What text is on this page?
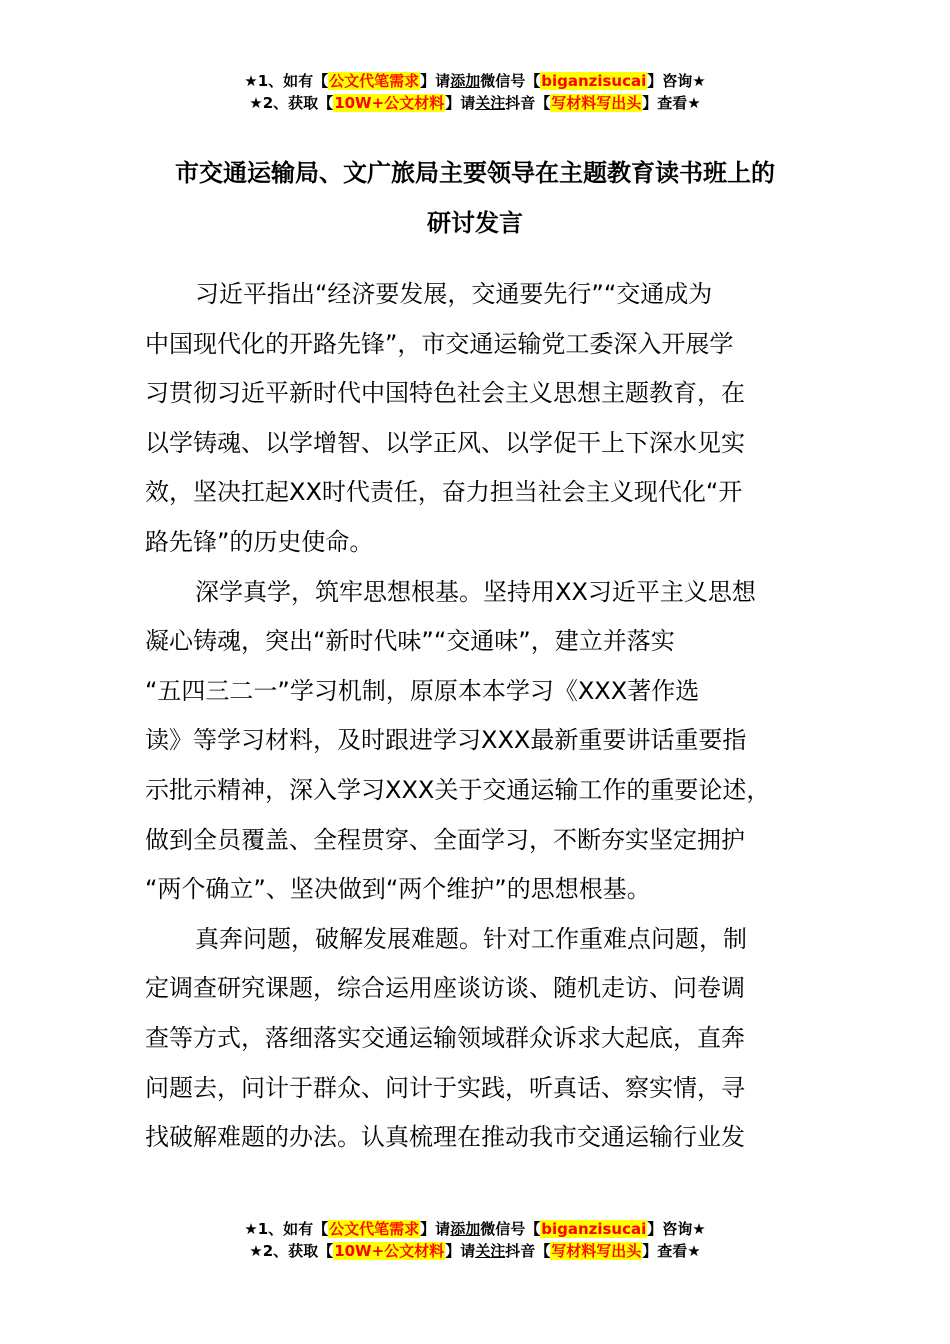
★1、如有【公文代笔需求】请添加微信号【biganzisucai】咨询★
★2、获取【10W+公文材料】请关注抖音【写材料写出头】查看★
市交通运输局、文广旅局主要领导在主题教育读书班上的
研讨发言
习近平指出“经济要发展，交通要先行”“交通成为
中国现代化的开路先锋”，市交通运输党工委深入开展学
习贯彻习近平新时代中国特色社会主义思想主题教育，在
以学铸魂、以学增智、以学正风、以学促干上下深水见实
效，坚决扛起XX时代责任，奋力担当社会主义现代化“开
路先锋”的历史使命。
深学真学，筑牢思想根基。坚持用XX习近平主义思想
凝心铸魂，突出“新时代味”“交通味”，建立并落实
“五四三二一”学习机制，原原本本学习《XXX著作选
读》等学习材料，及时跟进学习XXX最新重要讲话重要指
示批示精神，深入学习XXX关于交通运输工作的重要论述，
做到全员覆盖、全程贯穿、全面学习，不断夯实坚定拥护
“两个确立”、坚决做到“两个维护”的思想根基。
真奔问题，破解发展难题。针对工作重难点问题，制
定调查研究课题，综合运用座谈访谈、随机走访、问卷调
查等方式，落细落实交通运输领域群众诉求大起底，直奔
问题去，问计于群众、问计于实践，听真话、察实情，寻
找破解难题的办法。认真梳理在推动我市交通运输行业发
★1、如有【公文代笔需求】请添加微信号【biganzisucai】咨询★
★2、获取【10W+公文材料】请关注抖音【写材料写出头】查看★
